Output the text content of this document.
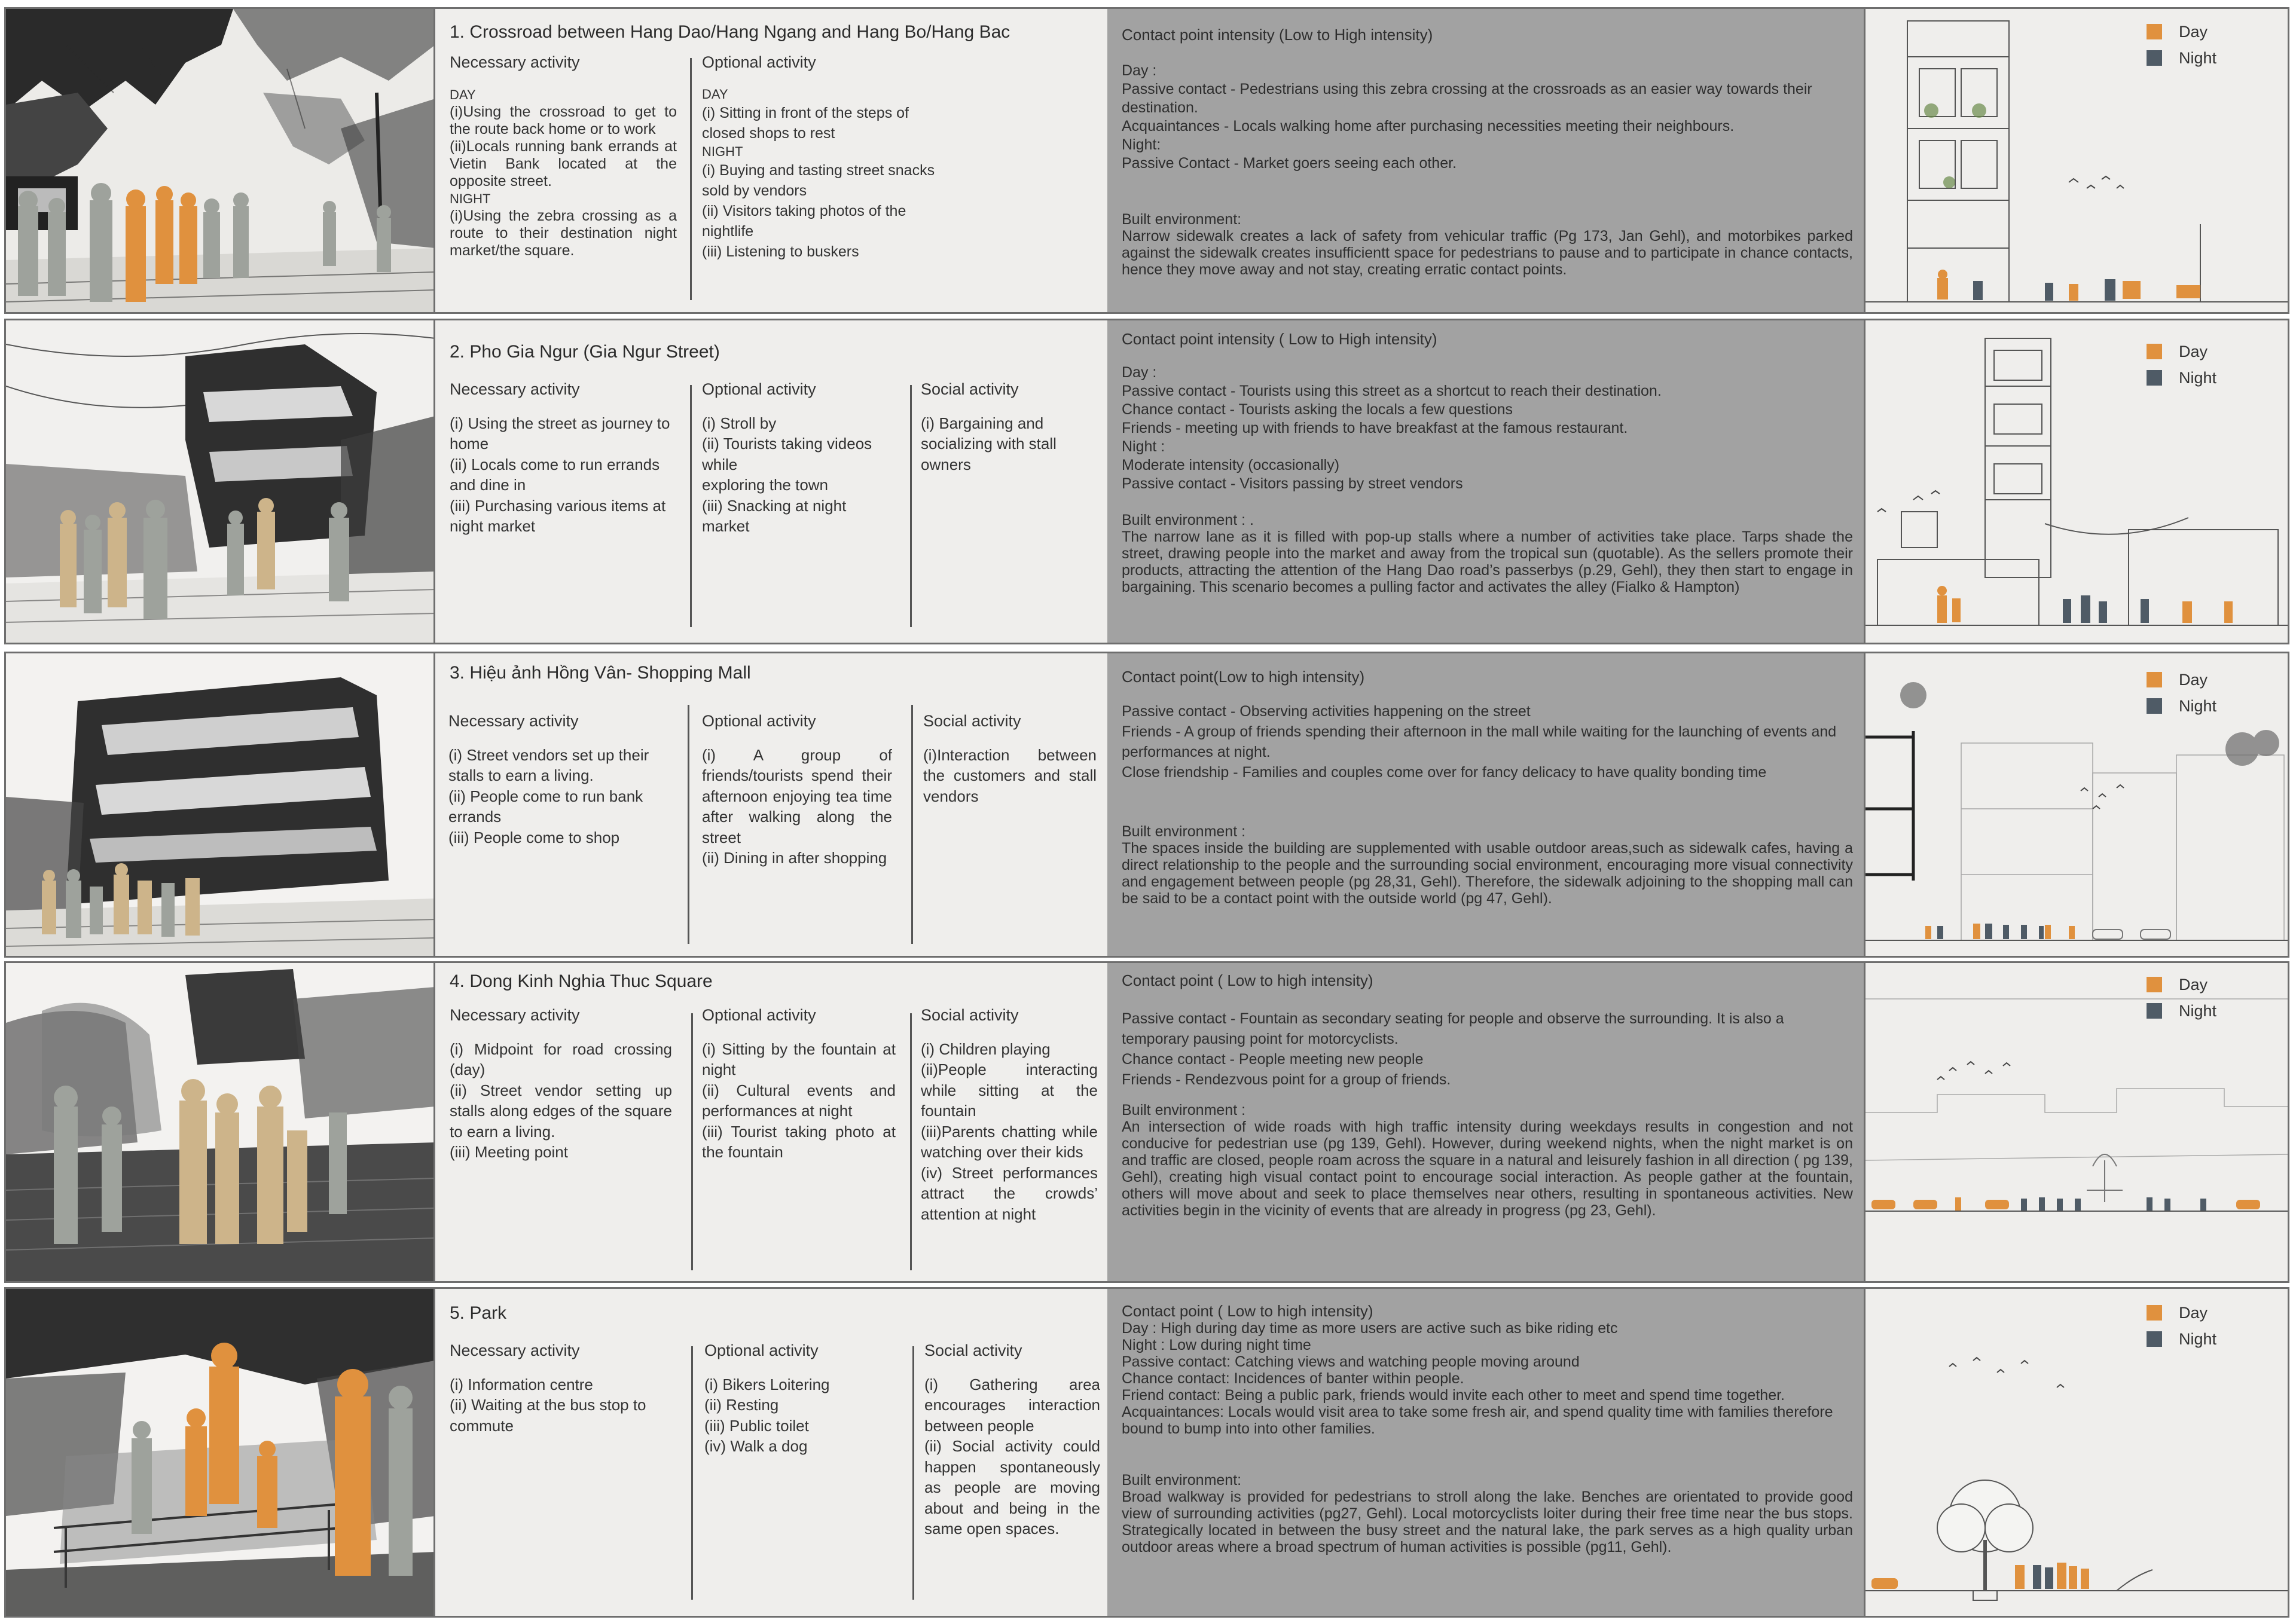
1. Crossroad between Hang Dao/Hang Ngang and Hang Bo/Hang Bac
Necessary activity
DAY
(i)Using the crossroad to get to the route back home or to work
(ii)Locals running bank errands at Vietin Bank located at the opposite street.
NIGHT
(i)Using the zebra crossing as a route to their destination night market/the square.
Optional activity
DAY
(i) Sitting in front of the steps of closed shops to rest
NIGHT
(i) Buying and tasting street snacks sold by vendors
(ii) Visitors taking photos of the nightlife
(iii) Listening to buskers
Contact point intensity (Low to High intensity)

Day :

Passive contact - Pedestrians using this zebra crossing at the crossroads as an easier way towards their destination.

Acquaintances - Locals walking home after purchasing necessities meeting their neighbours.

Night:

Passive Contact - Market goers seeing each other.

Built environment:

Narrow sidewalk creates a lack of safety from vehicular traffic (Pg 173, Jan Gehl), and motorbikes parked against the sidewalk creates insufficientt space for pedestrians to pause and to participate in chance contacts, hence they move away and not stay, creating erratic contact points.

Day
Night
2. Pho Gia Ngur (Gia Ngur Street)
Necessary activity
(i) Using the street as journey to home
(ii) Locals come to run errands and dine in
(iii) Purchasing various items at night market
Optional activity
(i) Stroll by
(ii) Tourists taking videos while
exploring the town
(iii) Snacking at night market
Social activity
(i) Bargaining and socializing with stall owners
Contact point intensity ( Low to High intensity)

Day :

Passive contact - Tourists using this street as a shortcut to reach their destination.

Chance contact - Tourists asking the locals a few questions

Friends - meeting up with friends to have breakfast at the famous restaurant.

Night :

Moderate intensity (occasionally)

Passive contact - Visitors passing by street vendors

Built environment : .

The narrow lane as it is filled with pop-up stalls where a number of activities take place. Tarps shade the street, drawing people into the market and away from the tropical sun (quotable). As the sellers promote their products, attracting the attention of the Hang Dao road’s passerbys (p.29, Gehl), they then start to engage in bargaining. This scenario becomes a pulling factor and activates the alley (Fialko & Hampton)

Day
Night
3. Hiệu ảnh Hồng Vân- Shopping Mall
Necessary activity
(i) Street vendors set up their stalls to earn a living.
(ii) People come to run bank errands
(iii) People come to shop
Optional activity
(i) A group of friends/tourists spend their afternoon enjoying tea time after walking along the street
(ii) Dining in after shopping
Social activity
(i)Interaction between the customers and stall vendors
Contact point(Low to high intensity)

Passive contact - Observing activities happening on the street

Friends - A group of friends spending their afternoon in the mall while waiting for the launching of events and performances at night.

Close friendship - Families and couples come over for fancy delicacy to have quality bonding time

Built environment :

The spaces inside the building are supplemented with usable outdoor areas,such as sidewalk cafes, having a direct relationship to the people and the surrounding social environment, encouraging more visual connectivity and engagement between people (pg 28,31, Gehl). Therefore, the sidewalk adjoining to the shopping mall can be said to be a contact point with the outside world (pg 47, Gehl).

Day
Night
4. Dong Kinh Nghia Thuc Square
Necessary activity
(i) Midpoint for road crossing (day)
(ii) Street vendor setting up stalls along edges of the square to earn a living.
(iii) Meeting point
Optional activity
(i) Sitting by the fountain at night
(ii) Cultural events and performances at night
(iii) Tourist taking photo at the fountain
Social activity
(i) Children playing
(ii)People interacting while sitting at the fountain
(iii)Parents chatting while watching over their kids
(iv) Street performances attract the crowds’ attention at night
Contact point ( Low to high intensity)

Passive contact - Fountain as secondary seating for people and observe the surrounding. It is also a temporary pausing point for motorcyclists.

Chance contact - People meeting new people

Friends - Rendezvous point for a group of friends.

Built environment :

An intersection of wide roads with high traffic intensity during weekdays results in congestion and not conducive for pedestrian use (pg 139, Gehl). However, during weekend nights, when the night market is on and traffic are closed, people roam across the square in a natural and leisurely fashion in all direction ( pg 139, Gehl), creating high visual contact point to encourage social interaction. As people gather at the fountain, others will move about and seek to place themselves near others, resulting in spontaneous activities. New activities begin in the vicinity of events that are already in progress (pg 23, Gehl).

Day
Night
5. Park
Necessary activity
(i) Information centre
(ii) Waiting at the bus stop to commute
Optional activity
(i) Bikers Loitering
(ii) Resting
(iii) Public toilet
(iv) Walk a dog
Social activity
(i) Gathering area encourages interaction between people
(ii) Social activity could happen spontaneously as people are moving about and being in the same open spaces.
Contact point ( Low to high intensity)

Day : High during day time as more users are active such as bike riding etc

Night : Low during night time

Passive contact: Catching views and watching people moving around

Chance contact: Incidences of banter within people.

Friend contact: Being a public park, friends would invite each other to meet and spend time together.

Acquaintances: Locals would visit area to take some fresh air, and spend quality time with families therefore bound to bump into into other families.

Built environment:

Broad walkway is provided for pedestrians to stroll along the lake. Benches are orientated to provide good view of surrounding activities (pg27, Gehl). Local motorcyclists loiter during their free time near the bus stops. Strategically located in between the busy street and the natural lake, the park serves as a high quality urban outdoor areas where a broad spectrum of human activities is possible (pg11, Gehl).

Day
Night
